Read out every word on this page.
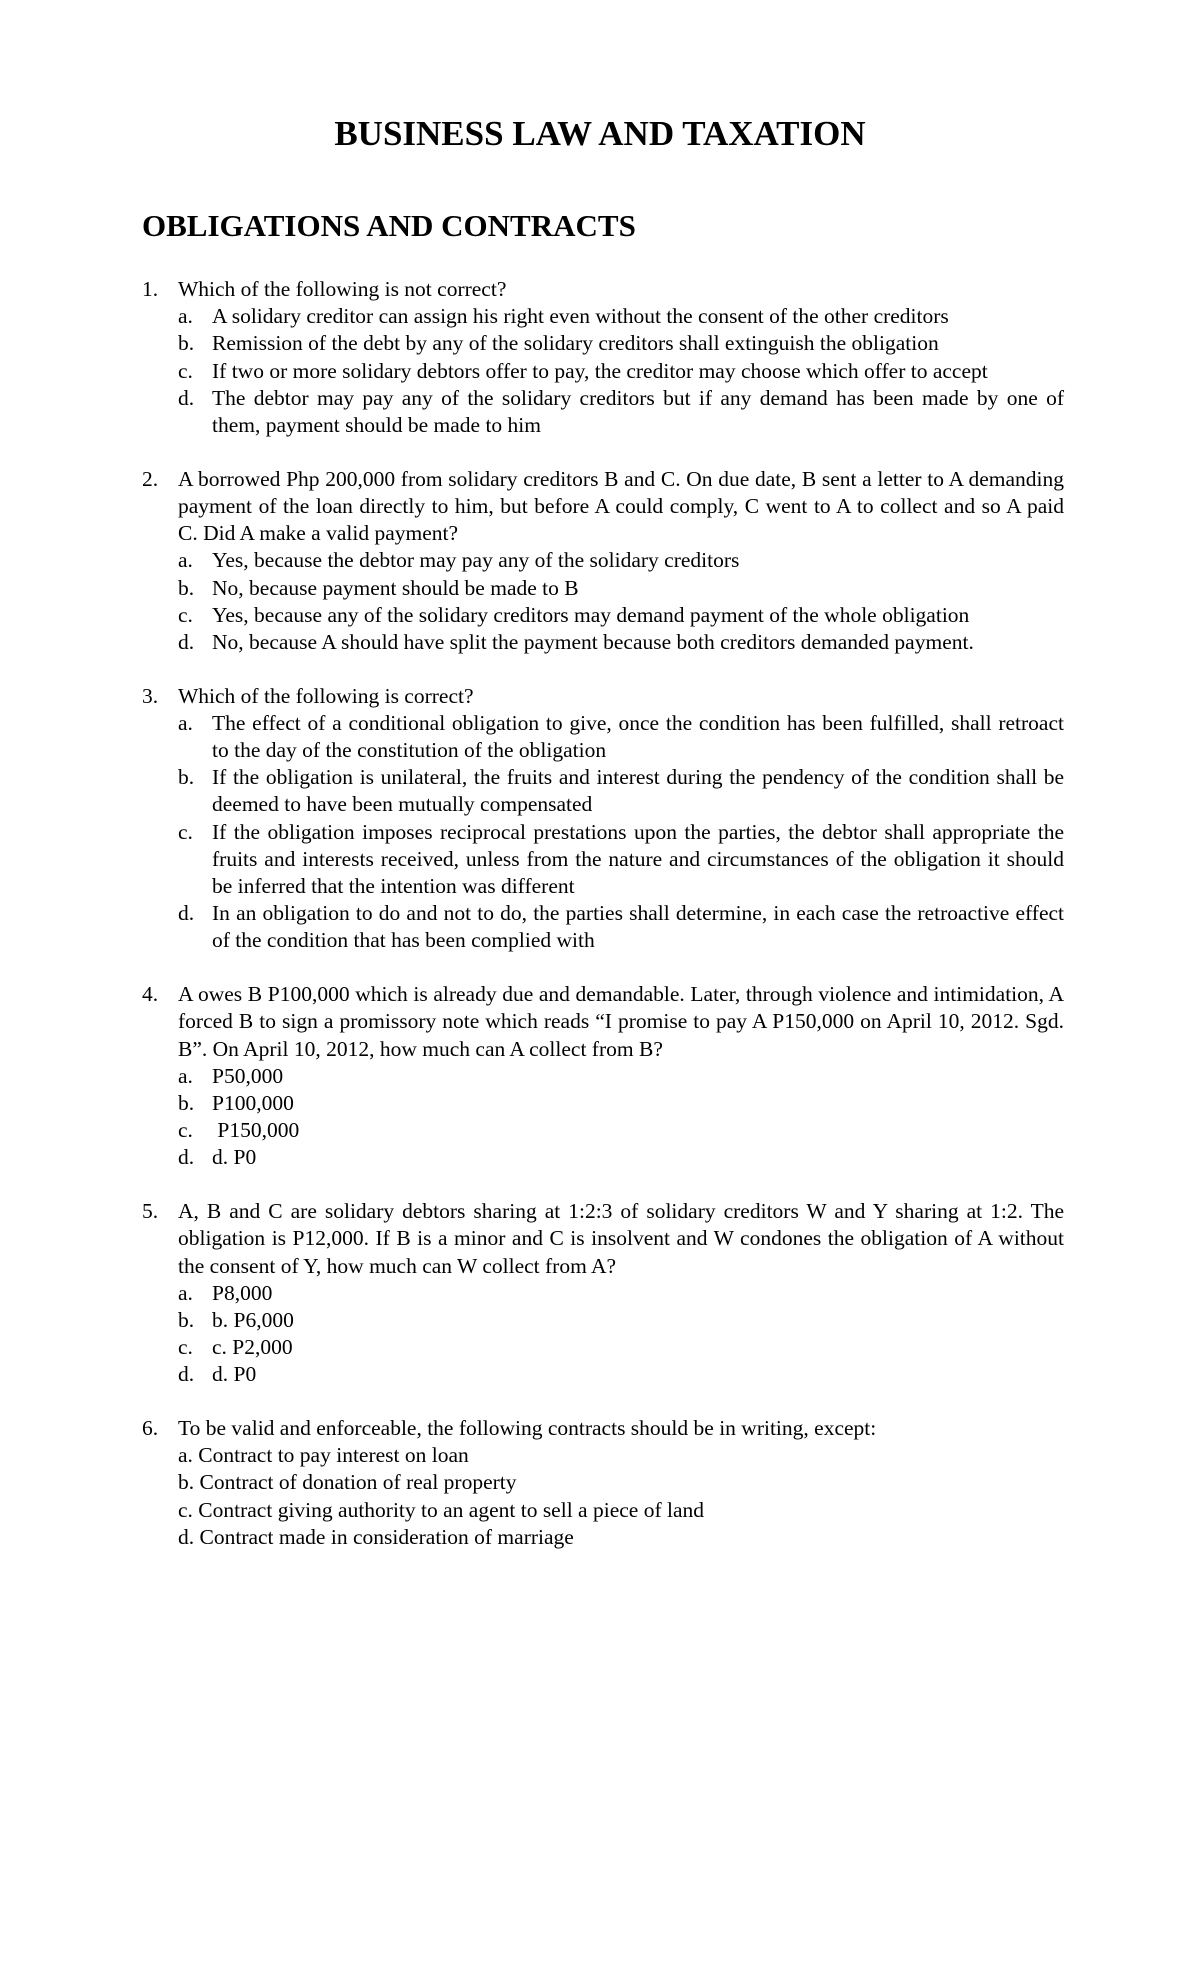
BUSINESS LAW AND TAXATION
OBLIGATIONS AND CONTRACTS
1. Which of the following is not correct?
a. A solidary creditor can assign his right even without the consent of the other creditors
b. Remission of the debt by any of the solidary creditors shall extinguish the obligation
c. If two or more solidary debtors offer to pay, the creditor may choose which offer to accept
d. The debtor may pay any of the solidary creditors but if any demand has been made by one of them, payment should be made to him
2. A borrowed Php 200,000 from solidary creditors B and C. On due date, B sent a letter to A demanding payment of the loan directly to him, but before A could comply, C went to A to collect and so A paid C. Did A make a valid payment?
a. Yes, because the debtor may pay any of the solidary creditors
b. No, because payment should be made to B
c. Yes, because any of the solidary creditors may demand payment of the whole obligation
d. No, because A should have split the payment because both creditors demanded payment.
3. Which of the following is correct?
a. The effect of a conditional obligation to give, once the condition has been fulfilled, shall retroact to the day of the constitution of the obligation
b. If the obligation is unilateral, the fruits and interest during the pendency of the condition shall be deemed to have been mutually compensated
c. If the obligation imposes reciprocal prestations upon the parties, the debtor shall appropriate the fruits and interests received, unless from the nature and circumstances of the obligation it should be inferred that the intention was different
d. In an obligation to do and not to do, the parties shall determine, in each case the retroactive effect of the condition that has been complied with
4. A owes B P100,000 which is already due and demandable. Later, through violence and intimidation, A forced B to sign a promissory note which reads “I promise to pay A P150,000 on April 10, 2012. Sgd. B”. On April 10, 2012, how much can A collect from B?
a. P50,000
b. P100,000
c. P150,000
d. d. P0
5. A, B and C are solidary debtors sharing at 1:2:3 of solidary creditors W and Y sharing at 1:2. The obligation is P12,000. If B is a minor and C is insolvent and W condones the obligation of A without the consent of Y, how much can W collect from A?
a. P8,000
b. b. P6,000
c. c. P2,000
d. d. P0
6. To be valid and enforceable, the following contracts should be in writing, except:
a. Contract to pay interest on loan
b. Contract of donation of real property
c. Contract giving authority to an agent to sell a piece of land
d. Contract made in consideration of marriage
